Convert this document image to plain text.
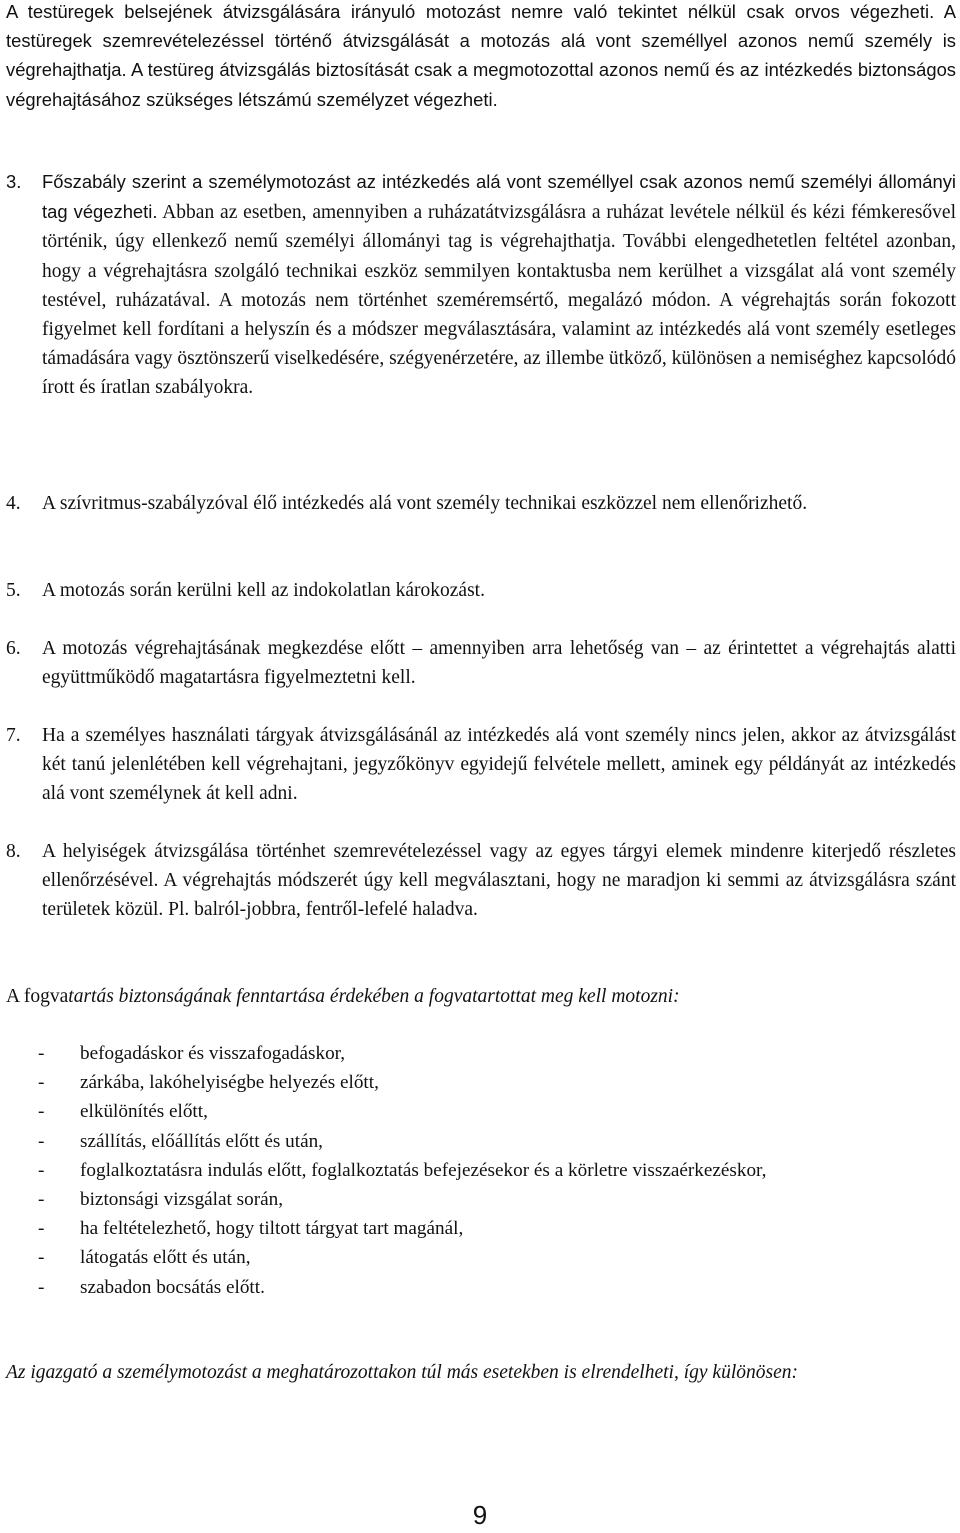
A testüregek belsejének átvizsgálására irányuló motozást nemre való tekintet nélkül csak orvos végezheti. A testüregek szemrevételezéssel történő átvizsgálását a motozás alá vont személlyel azonos nemű személy is végrehajthatja. A testüreg átvizsgálás biztosítását csak a megmotozottal azonos nemű és az intézkedés biztonságos végrehajtásához szükséges létszámú személyzet végezheti.

3.	Főszabály szerint a személymotozást az intézkedés alá vont személlyel csak azonos nemű személyi állományi tag végezheti. Abban az esetben, amennyiben a ruházatátvizsgálásra a ruházat levétele nélkül és kézi fémkeresővel történik, úgy ellenkező nemű személyi állományi tag is végrehajthatja. További elengedhetetlen feltétel azonban, hogy a végrehajtásra szolgáló technikai eszköz semmilyen kontaktusba nem kerülhet a vizsgálat alá vont személy testével, ruházatával. A motozás nem történhet szeméremsértő, megalázó módon. A végrehajtás során fokozott figyelmet kell fordítani a helyszín és a módszer megválasztására, valamint az intézkedés alá vont személy esetleges támadására vagy ösztönszerű viselkedésére, szégyenérzetére, az illembe ütköző, különösen a nemiséghez kapcsolódó írott és íratlan szabályokra.
4.	A szívritmus-szabályzóval élő intézkedés alá vont személy technikai eszközzel nem ellenőrizhető.
5.	A motozás során kerülni kell az indokolatlan károkozást.
6.	A motozás végrehajtásának megkezdése előtt – amennyiben arra lehetőség van – az érintettet a végrehajtás alatti együttműködő magatartásra figyelmeztetni kell.
7.	Ha a személyes használati tárgyak átvizsgálásánál az intézkedés alá vont személy nincs jelen, akkor az átvizsgálást két tanú jelenlétében kell végrehajtani, jegyzőkönyv egyidejű felvétele mellett, aminek egy példányát az intézkedés alá vont személynek át kell adni.
8.	A helyiségek átvizsgálása történhet szemrevételezéssel vagy az egyes tárgyi elemek mindenre kiterjedő részletes ellenőrzésével. A végrehajtás módszerét úgy kell megválasztani, hogy ne maradjon ki semmi az átvizsgálásra szánt területek közül. Pl. balról-jobbra, fentről-lefelé haladva.

A fogvatartás biztonságának fenntartása érdekében a fogvatartottat meg kell motozni:

- befogadáskor és visszafogadáskor,
- zárkába, lakóhelyiségbe helyezés előtt,
- elkülönítés előtt,
- szállítás, előállítás előtt és után,
- foglalkoztatásra indulás előtt, foglalkoztatás befejezésekor és a körletre visszaérkezéskor,
- biztonsági vizsgálat során,
- ha feltételezhető, hogy tiltott tárgyat tart magánál,
- látogatás előtt és után,
- szabadon bocsátás előtt.

Az igazgató a személymotozást a meghatározottakon túl más esetekben is elrendelheti, így különösen:

9
